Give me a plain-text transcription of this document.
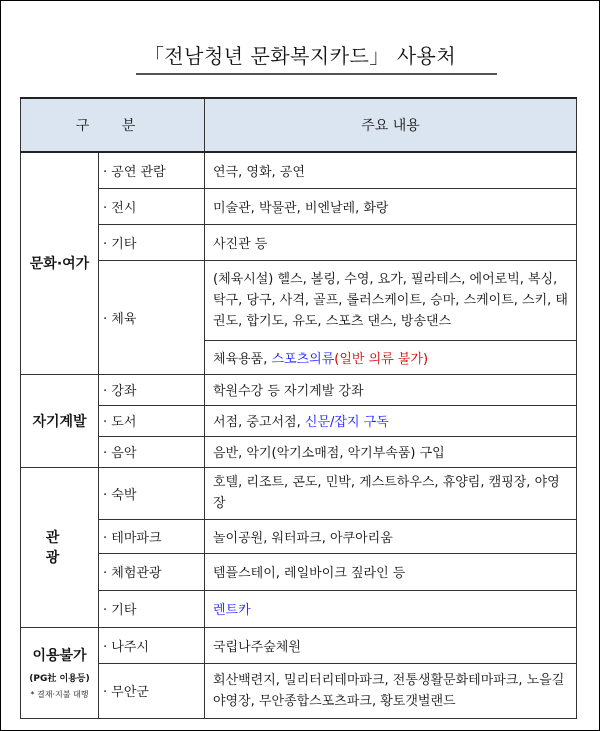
「전남청년 문화복지카드」 사용처
구 분		주요 내용
문화·여가	· 공연 관람	연극, 영화, 공연
	· 전시	미술관, 박물관, 비엔날레, 화랑
	· 기타	사진관 등
	· 체육	(체육시설) 헬스, 볼링, 수영, 요가, 필라테스, 에어로빅, 복싱, 탁구, 당구, 사격, 골프, 롤러스케이트, 승마, 스케이트, 스키, 태권도, 합기도, 유도, 스포츠 댄스, 방송댄스
		체육용품, 스포츠의류(일반 의류 불가)
자기계발	· 강좌	학원수강 등 자기계발 강좌
	· 도서	서점, 중고서점, 신문/잡지 구독
	· 음악	음반, 악기(악기소매점, 악기부속품) 구입
관 광	· 숙박	호텔, 리조트, 콘도, 민박, 게스트하우스, 휴양림, 캠핑장, 야영장
	· 테마파크	놀이공원, 워터파크, 아쿠아리움
	· 체험관광	템플스테이, 레일바이크 짚라인 등
	· 기타	렌트카
이용불가
(PG社 이용등)
* 결재·지불 대행	· 나주시	국립나주숲체원
	· 무안군	회산백련지, 밀리터리테마파크, 전통생활문화테마파크, 노을길야영장, 무안종합스포츠파크, 황토갯벌랜드
